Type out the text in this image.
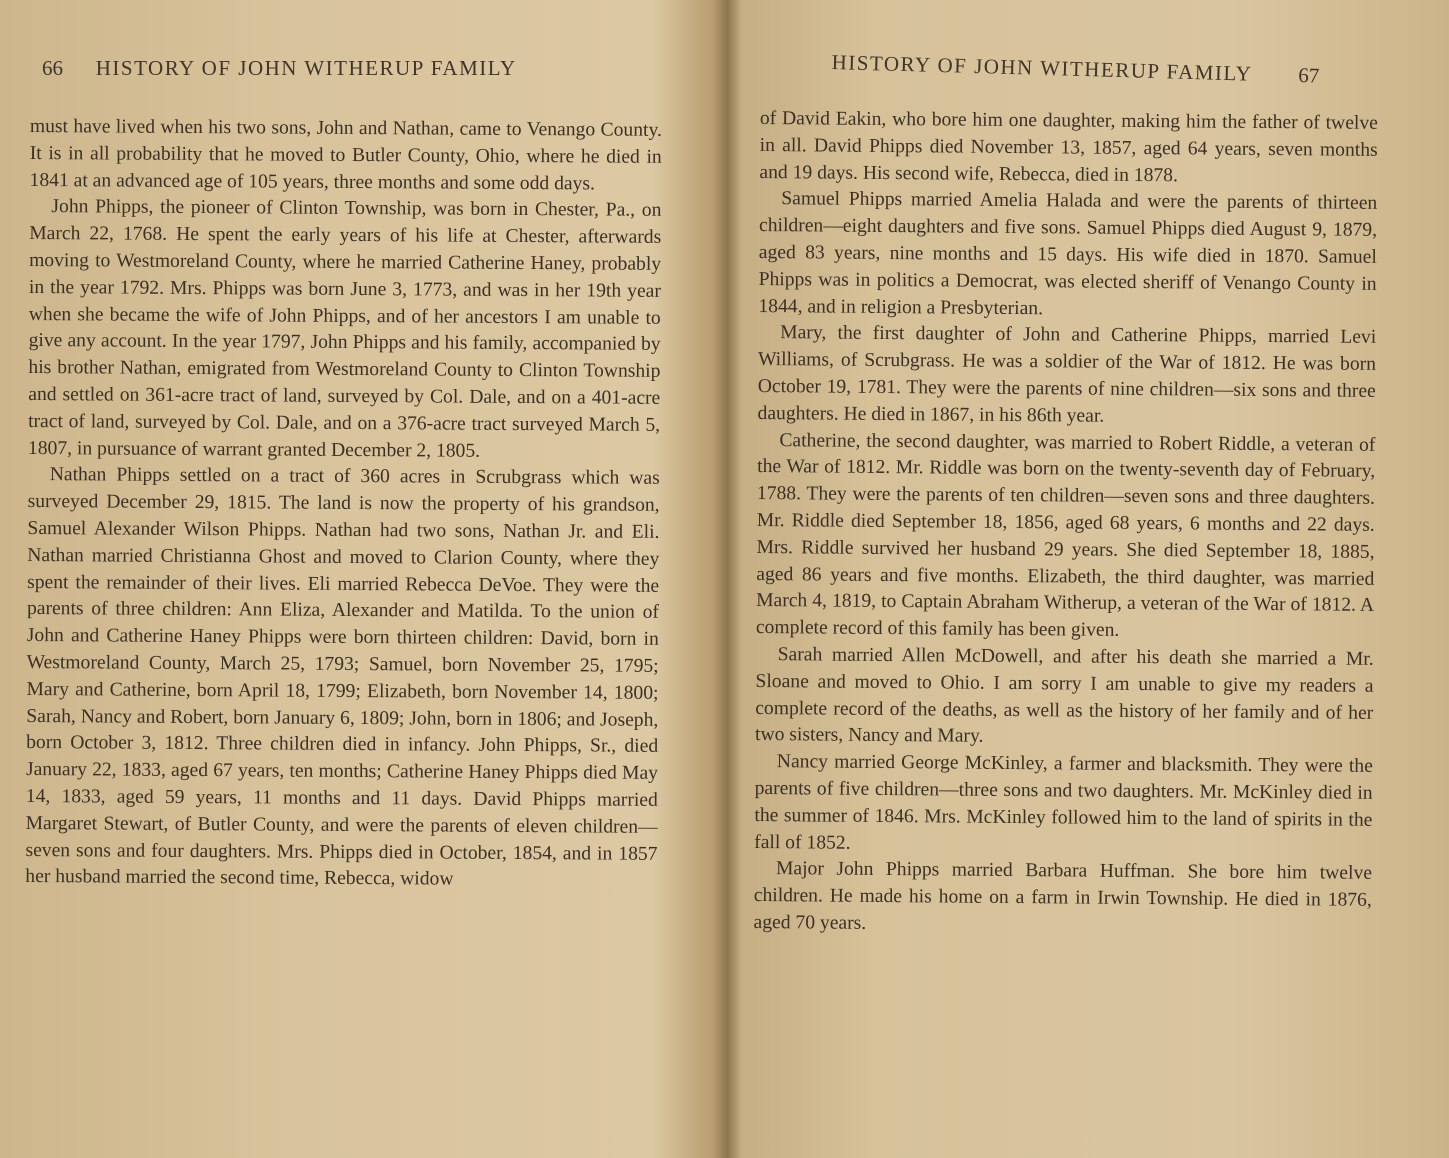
66 HISTORY OF JOHN WITHERUP FAMILY

must have lived when his two sons, John and Nathan, came to Venango County. It is in all probability that he moved to Butler County, Ohio, where he died in 1841 at an advanced age of 105 years, three months and some odd days.

John Phipps, the pioneer of Clinton Township, was born in Chester, Pa., on March 22, 1768. He spent the early years of his life at Chester, afterwards moving to Westmoreland County, where he married Catherine Haney, probably in the year 1792. Mrs. Phipps was born June 3, 1773, and was in her 19th year when she became the wife of John Phipps, and of her ancestors I am unable to give any account. In the year 1797, John Phipps and his family, accompanied by his brother Nathan, emigrated from Westmoreland County to Clinton Township and settled on 361-acre tract of land, surveyed by Col. Dale, and on a 401-acre tract of land, surveyed by Col. Dale, and on a 376-acre tract surveyed March 5, 1807, in pursuance of warrant granted December 2, 1805.

Nathan Phipps settled on a tract of 360 acres in Scrubgrass which was surveyed December 29, 1815. The land is now the property of his grandson, Samuel Alexander Wilson Phipps. Nathan had two sons, Nathan Jr. and Eli. Nathan married Christianna Ghost and moved to Clarion County, where they spent the remainder of their lives. Eli married Rebecca DeVoe. They were the parents of three children: Ann Eliza, Alexander and Matilda. To the union of John and Catherine Haney Phipps were born thirteen children: David, born in Westmoreland County, March 25, 1793; Samuel, born November 25, 1795; Mary and Catherine, born April 18, 1799; Elizabeth, born November 14, 1800; Sarah, Nancy and Robert, born January 6, 1809; John, born in 1806; and Joseph, born October 3, 1812. Three children died in infancy. John Phipps, Sr., died January 22, 1833, aged 67 years, ten months; Catherine Haney Phipps died May 14, 1833, aged 59 years, 11 months and 11 days. David Phipps married Margaret Stewart, of Butler County, and were the parents of eleven children—seven sons and four daughters. Mrs. Phipps died in October, 1854, and in 1857 her husband married the second time, Rebecca, widow

HISTORY OF JOHN WITHERUP FAMILY 67

of David Eakin, who bore him one daughter, making him the father of twelve in all. David Phipps died November 13, 1857, aged 64 years, seven months and 19 days. His second wife, Rebecca, died in 1878.

Samuel Phipps married Amelia Halada and were the parents of thirteen children—eight daughters and five sons. Samuel Phipps died August 9, 1879, aged 83 years, nine months and 15 days. His wife died in 1870. Samuel Phipps was in politics a Democrat, was elected sheriff of Venango County in 1844, and in religion a Presbyterian.

Mary, the first daughter of John and Catherine Phipps, married Levi Williams, of Scrubgrass. He was a soldier of the War of 1812. He was born October 19, 1781. They were the parents of nine children—six sons and three daughters. He died in 1867, in his 86th year.

Catherine, the second daughter, was married to Robert Riddle, a veteran of the War of 1812. Mr. Riddle was born on the twenty-seventh day of February, 1788. They were the parents of ten children—seven sons and three daughters. Mr. Riddle died September 18, 1856, aged 68 years, 6 months and 22 days. Mrs. Riddle survived her husband 29 years. She died September 18, 1885, aged 86 years and five months. Elizabeth, the third daughter, was married March 4, 1819, to Captain Abraham Witherup, a veteran of the War of 1812. A complete record of this family has been given.

Sarah married Allen McDowell, and after his death she married a Mr. Sloane and moved to Ohio. I am sorry I am unable to give my readers a complete record of the deaths, as well as the history of her family and of her two sisters, Nancy and Mary.

Nancy married George McKinley, a farmer and blacksmith. They were the parents of five children—three sons and two daughters. Mr. McKinley died in the summer of 1846. Mrs. McKinley followed him to the land of spirits in the fall of 1852.

Major John Phipps married Barbara Huffman. She bore him twelve children. He made his home on a farm in Irwin Township. He died in 1876, aged 70 years.
